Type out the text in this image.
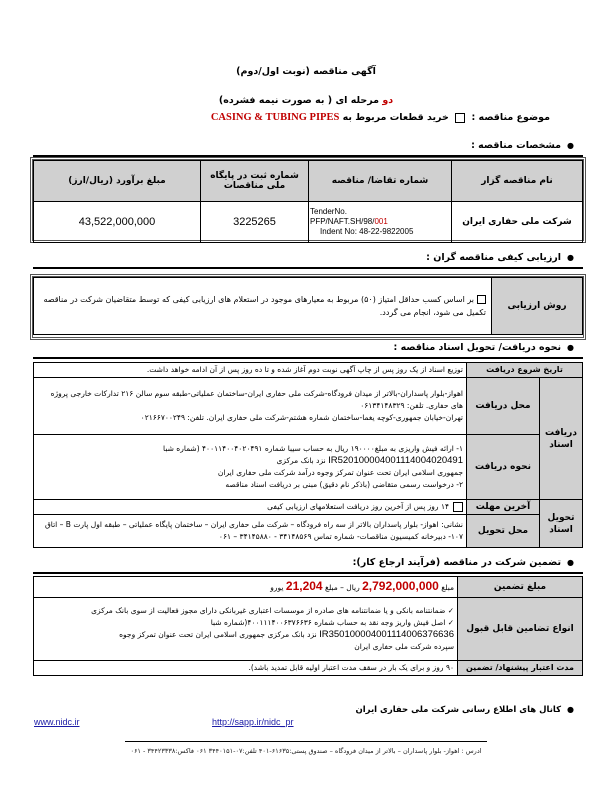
آگهی مناقصه (نوبت اول/دوم)
دو مرحله ای ( به صورت نیمه فشرده)
موضوع مناقصه :  خرید قطعات مربوط به CASING & TUBING PIPES
●مشخصات مناقصه :
نام مناقصه گزار	شماره تقاضا/ مناقصه	شماره ثبت در پایگاه ملی مناقصات	مبلغ برآورد (ریال/ارز)
شرکت ملی حفاری ایران	TenderNo.
PFP/NAFT.SH/98/001
Indent No: 48-22-9822005	3225265	43,522,000,000
●ارزیابی کیفی مناقصه گران :
روش ارزیابی	بر اساس کسب حداقل امتیاز (۵۰) مربوط به معیارهای موجود در استعلام های ارزیابی کیفی که توسط متقاضیان شرکت در مناقصه تکمیل می شود، انجام می گردد.
●نحوه دریافت/ تحویل اسناد مناقصه :
تاریخ شروع دریافت		توزیع اسناد از یک روز پس از چاپ آگهی نوبت دوم آغاز شده و تا ده روز پس از آن ادامه خواهد داشت.
دریافت اسناد	محل دریافت	اهواز-بلوار پاسداران-بالاتر از میدان فرودگاه-شرکت ملی حفاری ایران-ساختمان عملیاتی-طبقه سوم سالن ۲۱۶ تدارکات خارجی پروژه های حفاری. تلفن: ۰۶۱۳۴۱۴۸۳۲۹
تهران-خیابان جمهوری-کوچه یغما-ساختمان شماره هشتم-شرکت ملی حفاری ایران. تلفن: ۰۲۱۶۶۷۰۰۲۴۹

	نحوه دریافت	۱- ارائه فیش واریزی به مبلغ۱۹۰۰۰۰ ریال به حساب سیبا شماره ۴۰۰۱۱۴۰۰۴۰۲۰۴۹۱ (شماره شبا
IR520100004001114004020491 نزد بانک مرکزی
جمهوری اسلامی ایران تحت عنوان تمرکز وجوه درآمد شرکت ملی حفاری ایران
۲- درخواست رسمی متقاضی (باذکر نام دقیق) مبنی بر دریافت اسناد مناقصه

تحویل اسناد	آخرین مهلت	۱۴ روز پس از آخرین روز دریافت استعلامهای ارزیابی کیفی
	محل تحویل	نشانی: اهواز- بلوار پاسداران بالاتر از سه راه فرودگاه – شرکت ملی حفاری ایران – ساختمان پایگاه عملیاتی – طبقه اول پارت B – اتاق ۱۰۷- دبیرخانه کمیسیون مناقصات- شماره تماس ۳۴۱۴۸۵۶۹ - ۳۴۱۴۵۸۸۰ – ۰۶۱
●تضمین شرکت در مناقصه (فرآیند ارجاع کار):
مبلغ تضمین	مبلغ 2,792,000,000 ریال – مبلغ 21,204 یورو
انواع تضامین قابل قبول	✓ ضمانتنامه بانکی و یا ضمانتنامه های صادره از موسسات اعتباری غیربانکی دارای مجوز فعالیت از سوی بانک مرکزی
✓ اصل فیش واریز وجه نقد به حساب شماره ۴۰۰۱۱۱۴۰۰۶۳۷۶۶۳۶(شماره شبا
IR350100004001114006376636 نزد بانک مرکزی جمهوری اسلامی ایران تحت عنوان تمرکز وجوه
سپرده شرکت ملی حفاری ایران

مدت اعتبار پیشنهاد/ تضمین	۹۰ روز و برای یک بار در سقف مدت اعتبار اولیه قابل تمدید باشد).
●کانال های اطلاع رسانی شرکت ملی حفاری ایران
www.nidc.ir	http://sapp.ir/nidc_pr
ادرس : اهواز- بلوار پاسداران – بالاتر از میدان فرودگاه – صندوق پستی:۶۱۶۳۵-۴۰۱ تلفن:۰۷-۳۴۴۰۱۵۱ ۰۶۱ فاکس:۳۴۴۲۳۳۳۸ - ۰۶۱
